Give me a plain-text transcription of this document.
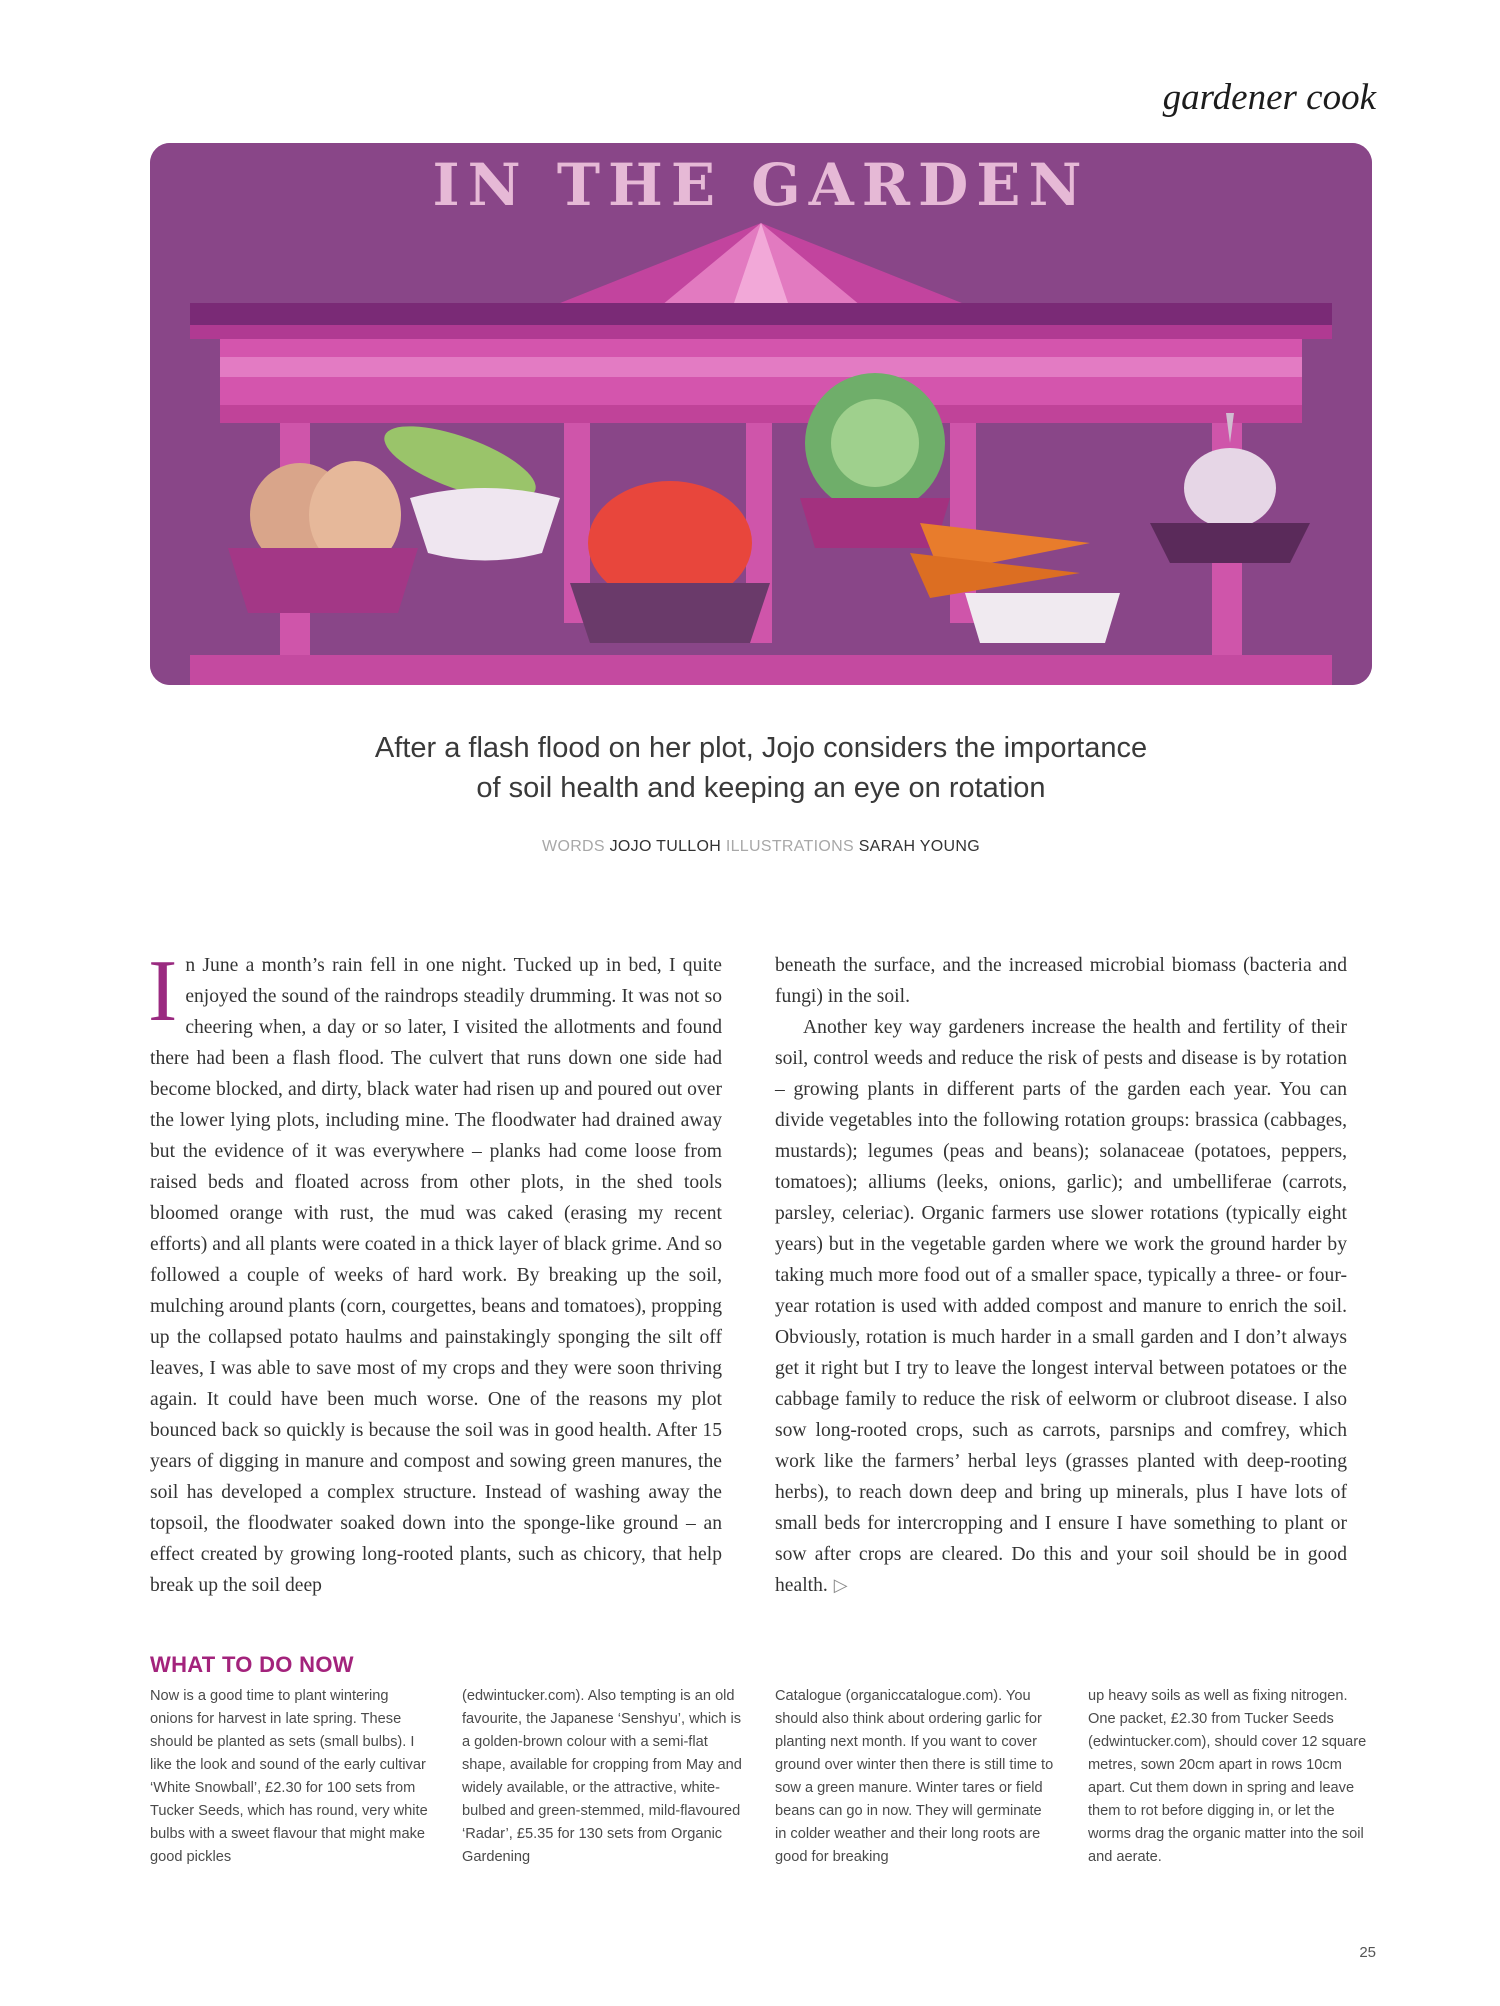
gardener cook
IN THE GARDEN
After a flash flood on her plot, Jojo considers the importance
of soil health and keeping an eye on rotation
WORDS JOJO TULLOH ILLUSTRATIONS SARAH YOUNG

In June a month’s rain fell in one night. Tucked up in bed, I quite enjoyed the sound of the raindrops steadily drumming. It was not so cheering when, a day or so later, I visited the allotments and found there had been a flash flood. The culvert that runs down one side had become blocked, and dirty, black water had risen up and poured out over the lower lying plots, including mine. The floodwater had drained away but the evidence of it was everywhere – planks had come loose from raised beds and floated across from other plots, in the shed tools bloomed orange with rust, the mud was caked (erasing my recent efforts) and all plants were coated in a thick layer of black grime. And so followed a couple of weeks of hard work. By breaking up the soil, mulching around plants (corn, courgettes, beans and tomatoes), propping up the collapsed potato haulms and painstakingly sponging the silt off leaves, I was able to save most of my crops and they were soon thriving again. It could have been much worse. One of the reasons my plot bounced back so quickly is because the soil was in good health. After 15 years of digging in manure and compost and sowing green manures, the soil has developed a complex structure. Instead of washing away the topsoil, the floodwater soaked down into the sponge-like ground – an effect created by growing long-rooted plants, such as chicory, that help break up the soil deep

beneath the surface, and the increased microbial biomass (bacteria and fungi) in the soil.

Another key way gardeners increase the health and fertility of their soil, control weeds and reduce the risk of pests and disease is by rotation – growing plants in different parts of the garden each year. You can divide vegetables into the following rotation groups: brassica (cabbages, mustards); legumes (peas and beans); solanaceae (potatoes, peppers, tomatoes); alliums (leeks, onions, garlic); and umbelliferae (carrots, parsley, celeriac). Organic farmers use slower rotations (typically eight years) but in the vegetable garden where we work the ground harder by taking much more food out of a smaller space, typically a three- or four-year rotation is used with added compost and manure to enrich the soil. Obviously, rotation is much harder in a small garden and I don’t always get it right but I try to leave the longest interval between potatoes or the cabbage family to reduce the risk of eelworm or clubroot disease. I also sow long-rooted crops, such as carrots, parsnips and comfrey, which work like the farmers’ herbal leys (grasses planted with deep-rooting herbs), to reach down deep and bring up minerals, plus I have lots of small beds for intercropping and I ensure I have something to plant or sow after crops are cleared. Do this and your soil should be in good health. ▷

WHAT TO DO NOW
Now is a good time to plant wintering onions for harvest in late spring. These should be planted as sets (small bulbs). I like the look and sound of the early cultivar ‘White Snowball’, £2.30 for 100 sets from Tucker Seeds, which has round, very white bulbs with a sweet flavour that might make good pickles
(edwintucker.com). Also tempting is an old favourite, the Japanese ‘Senshyu’, which is a golden-brown colour with a semi-flat shape, available for cropping from May and widely available, or the attractive, white-bulbed and green-stemmed, mild-flavoured ‘Radar’, £5.35 for 130 sets from Organic Gardening
Catalogue (organiccatalogue.com). You should also think about ordering garlic for planting next month. If you want to cover ground over winter then there is still time to sow a green manure. Winter tares or field beans can go in now. They will germinate in colder weather and their long roots are good for breaking
up heavy soils as well as fixing nitrogen. One packet, £2.30 from Tucker Seeds (edwintucker.com), should cover 12 square metres, sown 20cm apart in rows 10cm apart. Cut them down in spring and leave them to rot before digging in, or let the worms drag the organic matter into the soil and aerate.
25
